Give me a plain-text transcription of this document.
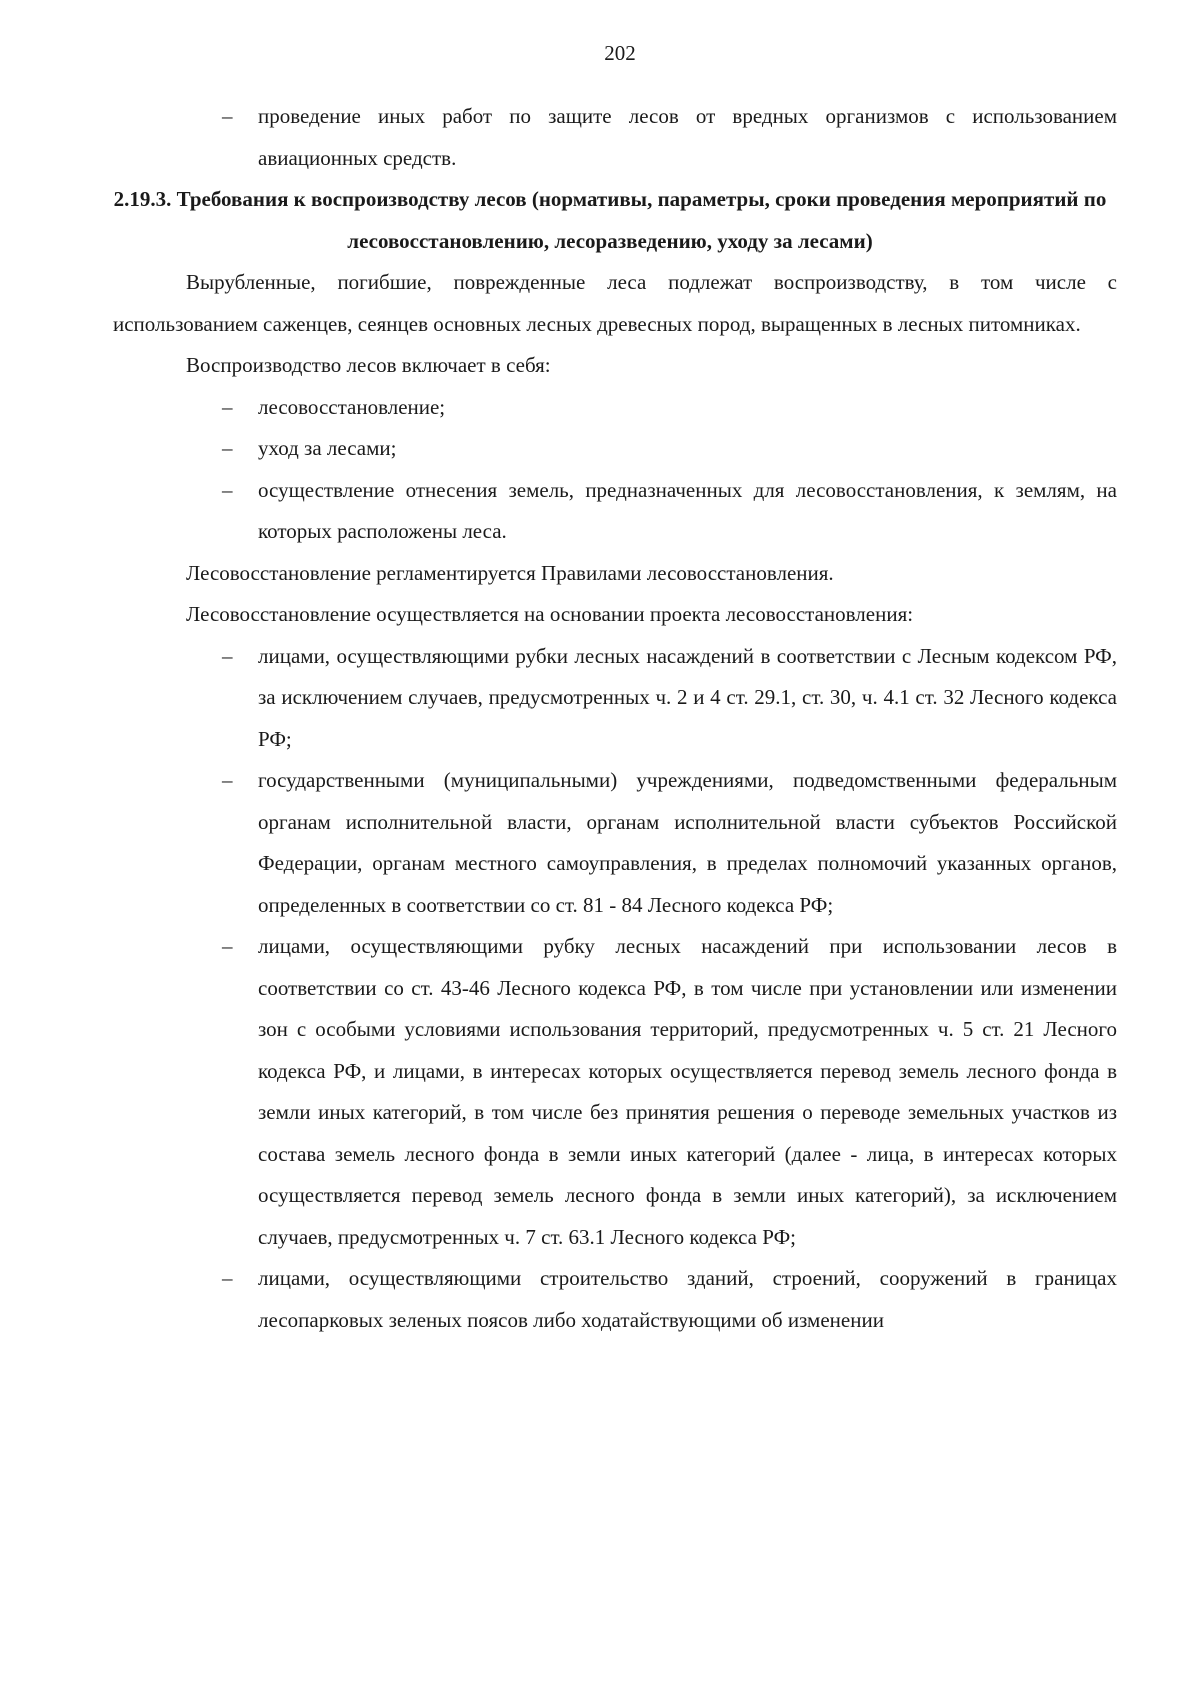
202
– проведение иных работ по защите лесов от вредных организмов с использованием авиационных средств.

2.19.3. Требования к воспроизводству лесов (нормативы, параметры, сроки проведения мероприятий по лесовосстановлению, лесоразведению, уходу за лесами)

Вырубленные, погибшие, поврежденные леса подлежат воспроизводству, в том числе с использованием саженцев, сеянцев основных лесных древесных пород, выращенных в лесных питомниках.

Воспроизводство лесов включает в себя:

– лесовосстановление;
– уход за лесами;
– осуществление отнесения земель, предназначенных для лесовосстановления, к землям, на которых расположены леса.

Лесовосстановление регламентируется Правилами лесовосстановления.

Лесовосстановление осуществляется на основании проекта лесовосстановления:

– лицами, осуществляющими рубки лесных насаждений в соответствии с Лесным кодексом РФ, за исключением случаев, предусмотренных ч. 2 и 4 ст. 29.1, ст. 30, ч. 4.1 ст. 32 Лесного кодекса РФ;
– государственными (муниципальными) учреждениями, подведомственными федеральным органам исполнительной власти, органам исполнительной власти субъектов Российской Федерации, органам местного самоуправления, в пределах полномочий указанных органов, определенных в соответствии со ст. 81 - 84 Лесного кодекса РФ;
– лицами, осуществляющими рубку лесных насаждений при использовании лесов в соответствии со ст. 43-46 Лесного кодекса РФ, в том числе при установлении или изменении зон с особыми условиями использования территорий, предусмотренных ч. 5 ст. 21 Лесного кодекса РФ, и лицами, в интересах которых осуществляется перевод земель лесного фонда в земли иных категорий, в том числе без принятия решения о переводе земельных участков из состава земель лесного фонда в земли иных категорий (далее - лица, в интересах которых осуществляется перевод земель лесного фонда в земли иных категорий), за исключением случаев, предусмотренных ч. 7 ст. 63.1 Лесного кодекса РФ;
– лицами, осуществляющими строительство зданий, строений, сооружений в границах лесопарковых зеленых поясов либо ходатайствующими об изменении
